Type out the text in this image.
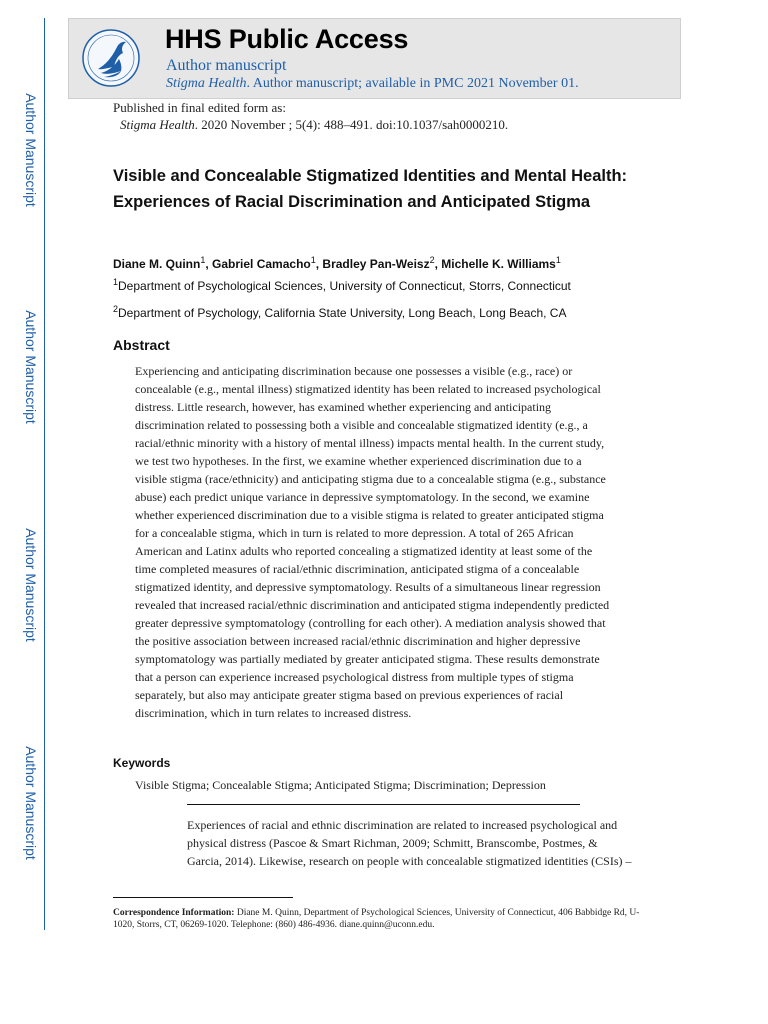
Author Manuscript
Author Manuscript
Author Manuscript
Author Manuscript
HHS Public Access
Author manuscript
Stigma Health. Author manuscript; available in PMC 2021 November 01.
Published in final edited form as:
Stigma Health. 2020 November ; 5(4): 488–491. doi:10.1037/sah0000210.
Visible and Concealable Stigmatized Identities and Mental Health: Experiences of Racial Discrimination and Anticipated Stigma
Diane M. Quinn$^1$, Gabriel Camacho$^1$, Bradley Pan-Weisz$^2$, Michelle K. Williams$^1$
$^1$Department of Psychological Sciences, University of Connecticut, Storrs, Connecticut
$^2$Department of Psychology, California State University, Long Beach, Long Beach, CA
Abstract
Experiencing and anticipating discrimination because one possesses a visible (e.g., race) or
concealable (e.g., mental illness) stigmatized identity has been related to increased psychological
distress. Little research, however, has examined whether experiencing and anticipating
discrimination related to possessing both a visible and concealable stigmatized identity (e.g., a
racial/ethnic minority with a history of mental illness) impacts mental health. In the current study,
we test two hypotheses. In the first, we examine whether experienced discrimination due to a
visible stigma (race/ethnicity) and anticipating stigma due to a concealable stigma (e.g., substance
abuse) each predict unique variance in depressive symptomatology. In the second, we examine
whether experienced discrimination due to a visible stigma is related to greater anticipated stigma
for a concealable stigma, which in turn is related to more depression. A total of 265 African
American and Latinx adults who reported concealing a stigmatized identity at least some of the
time completed measures of racial/ethnic discrimination, anticipated stigma of a concealable
stigmatized identity, and depressive symptomatology. Results of a simultaneous linear regression
revealed that increased racial/ethnic discrimination and anticipated stigma independently predicted
greater depressive symptomatology (controlling for each other). A mediation analysis showed that
the positive association between increased racial/ethnic discrimination and higher depressive
symptomatology was partially mediated by greater anticipated stigma. These results demonstrate
that a person can experience increased psychological distress from multiple types of stigma
separately, but also may anticipate greater stigma based on previous experiences of racial
discrimination, which in turn relates to increased distress.
Keywords
Visible Stigma; Concealable Stigma; Anticipated Stigma; Discrimination; Depression
Experiences of racial and ethnic discrimination are related to increased psychological and
physical distress (Pascoe & Smart Richman, 2009; Schmitt, Branscombe, Postmes, &
Garcia, 2014). Likewise, research on people with concealable stigmatized identities (CSIs) –
Correspondence Information: Diane M. Quinn, Department of Psychological Sciences, University of Connecticut, 406 Babbidge Rd, U-1020, Storrs, CT, 06269-1020. Telephone: (860) 486-4936. diane.quinn@uconn.edu.
